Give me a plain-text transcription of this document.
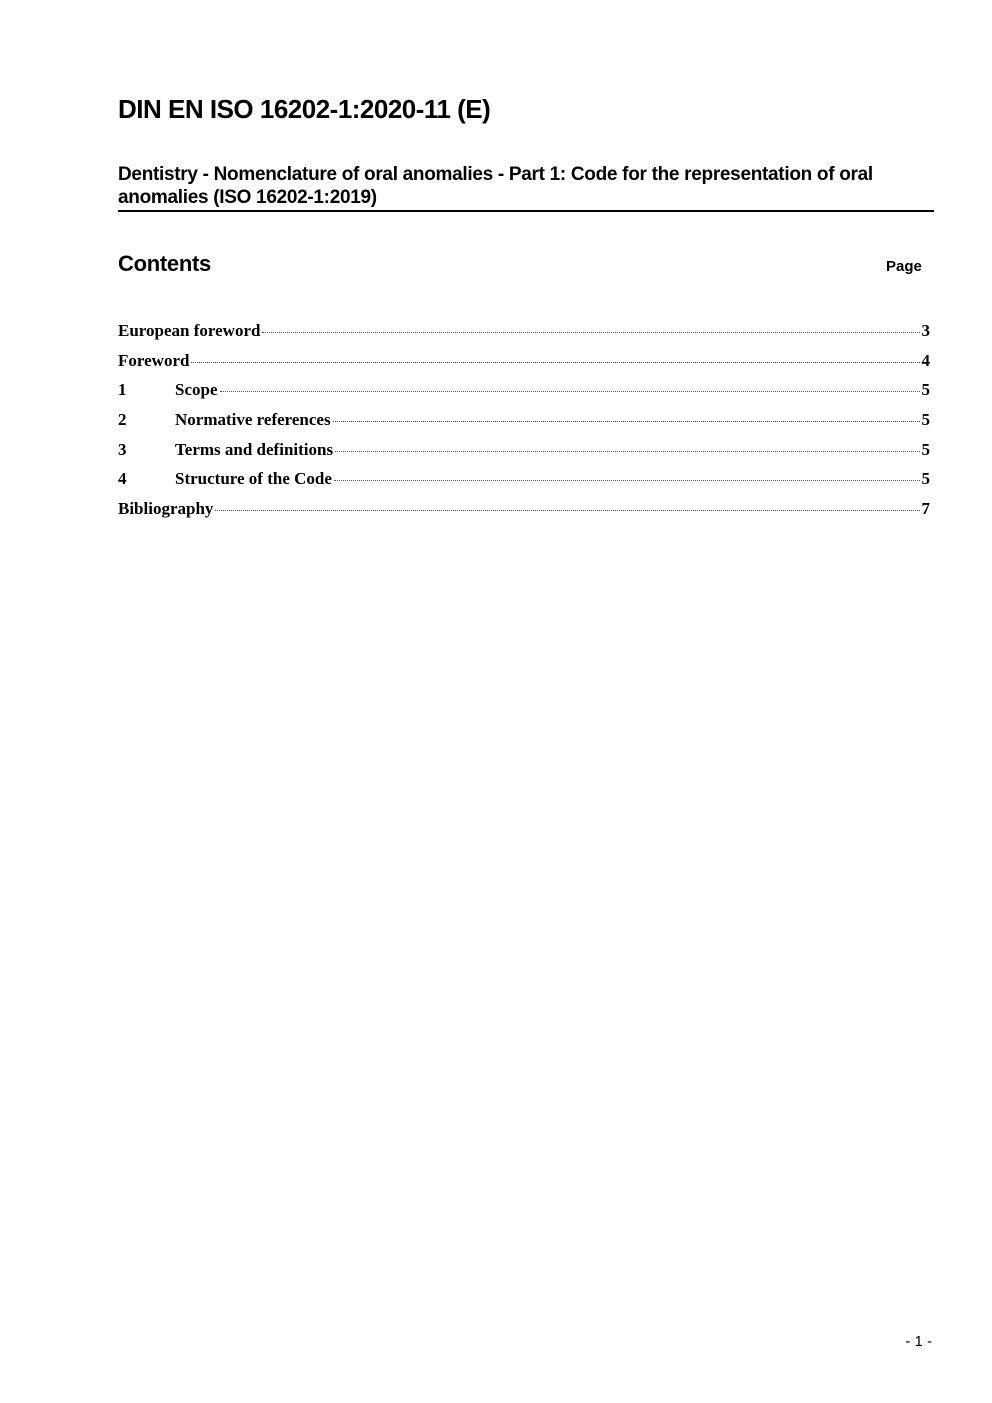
DIN EN ISO 16202-1:2020-11 (E)
Dentistry - Nomenclature of oral anomalies - Part 1: Code for the representation of oral anomalies (ISO 16202-1:2019)
Contents	Page
European foreword	3
Foreword	4
1	Scope	5
2	Normative references	5
3	Terms and definitions	5
4	Structure of the Code	5
Bibliography	7
- 1 -
